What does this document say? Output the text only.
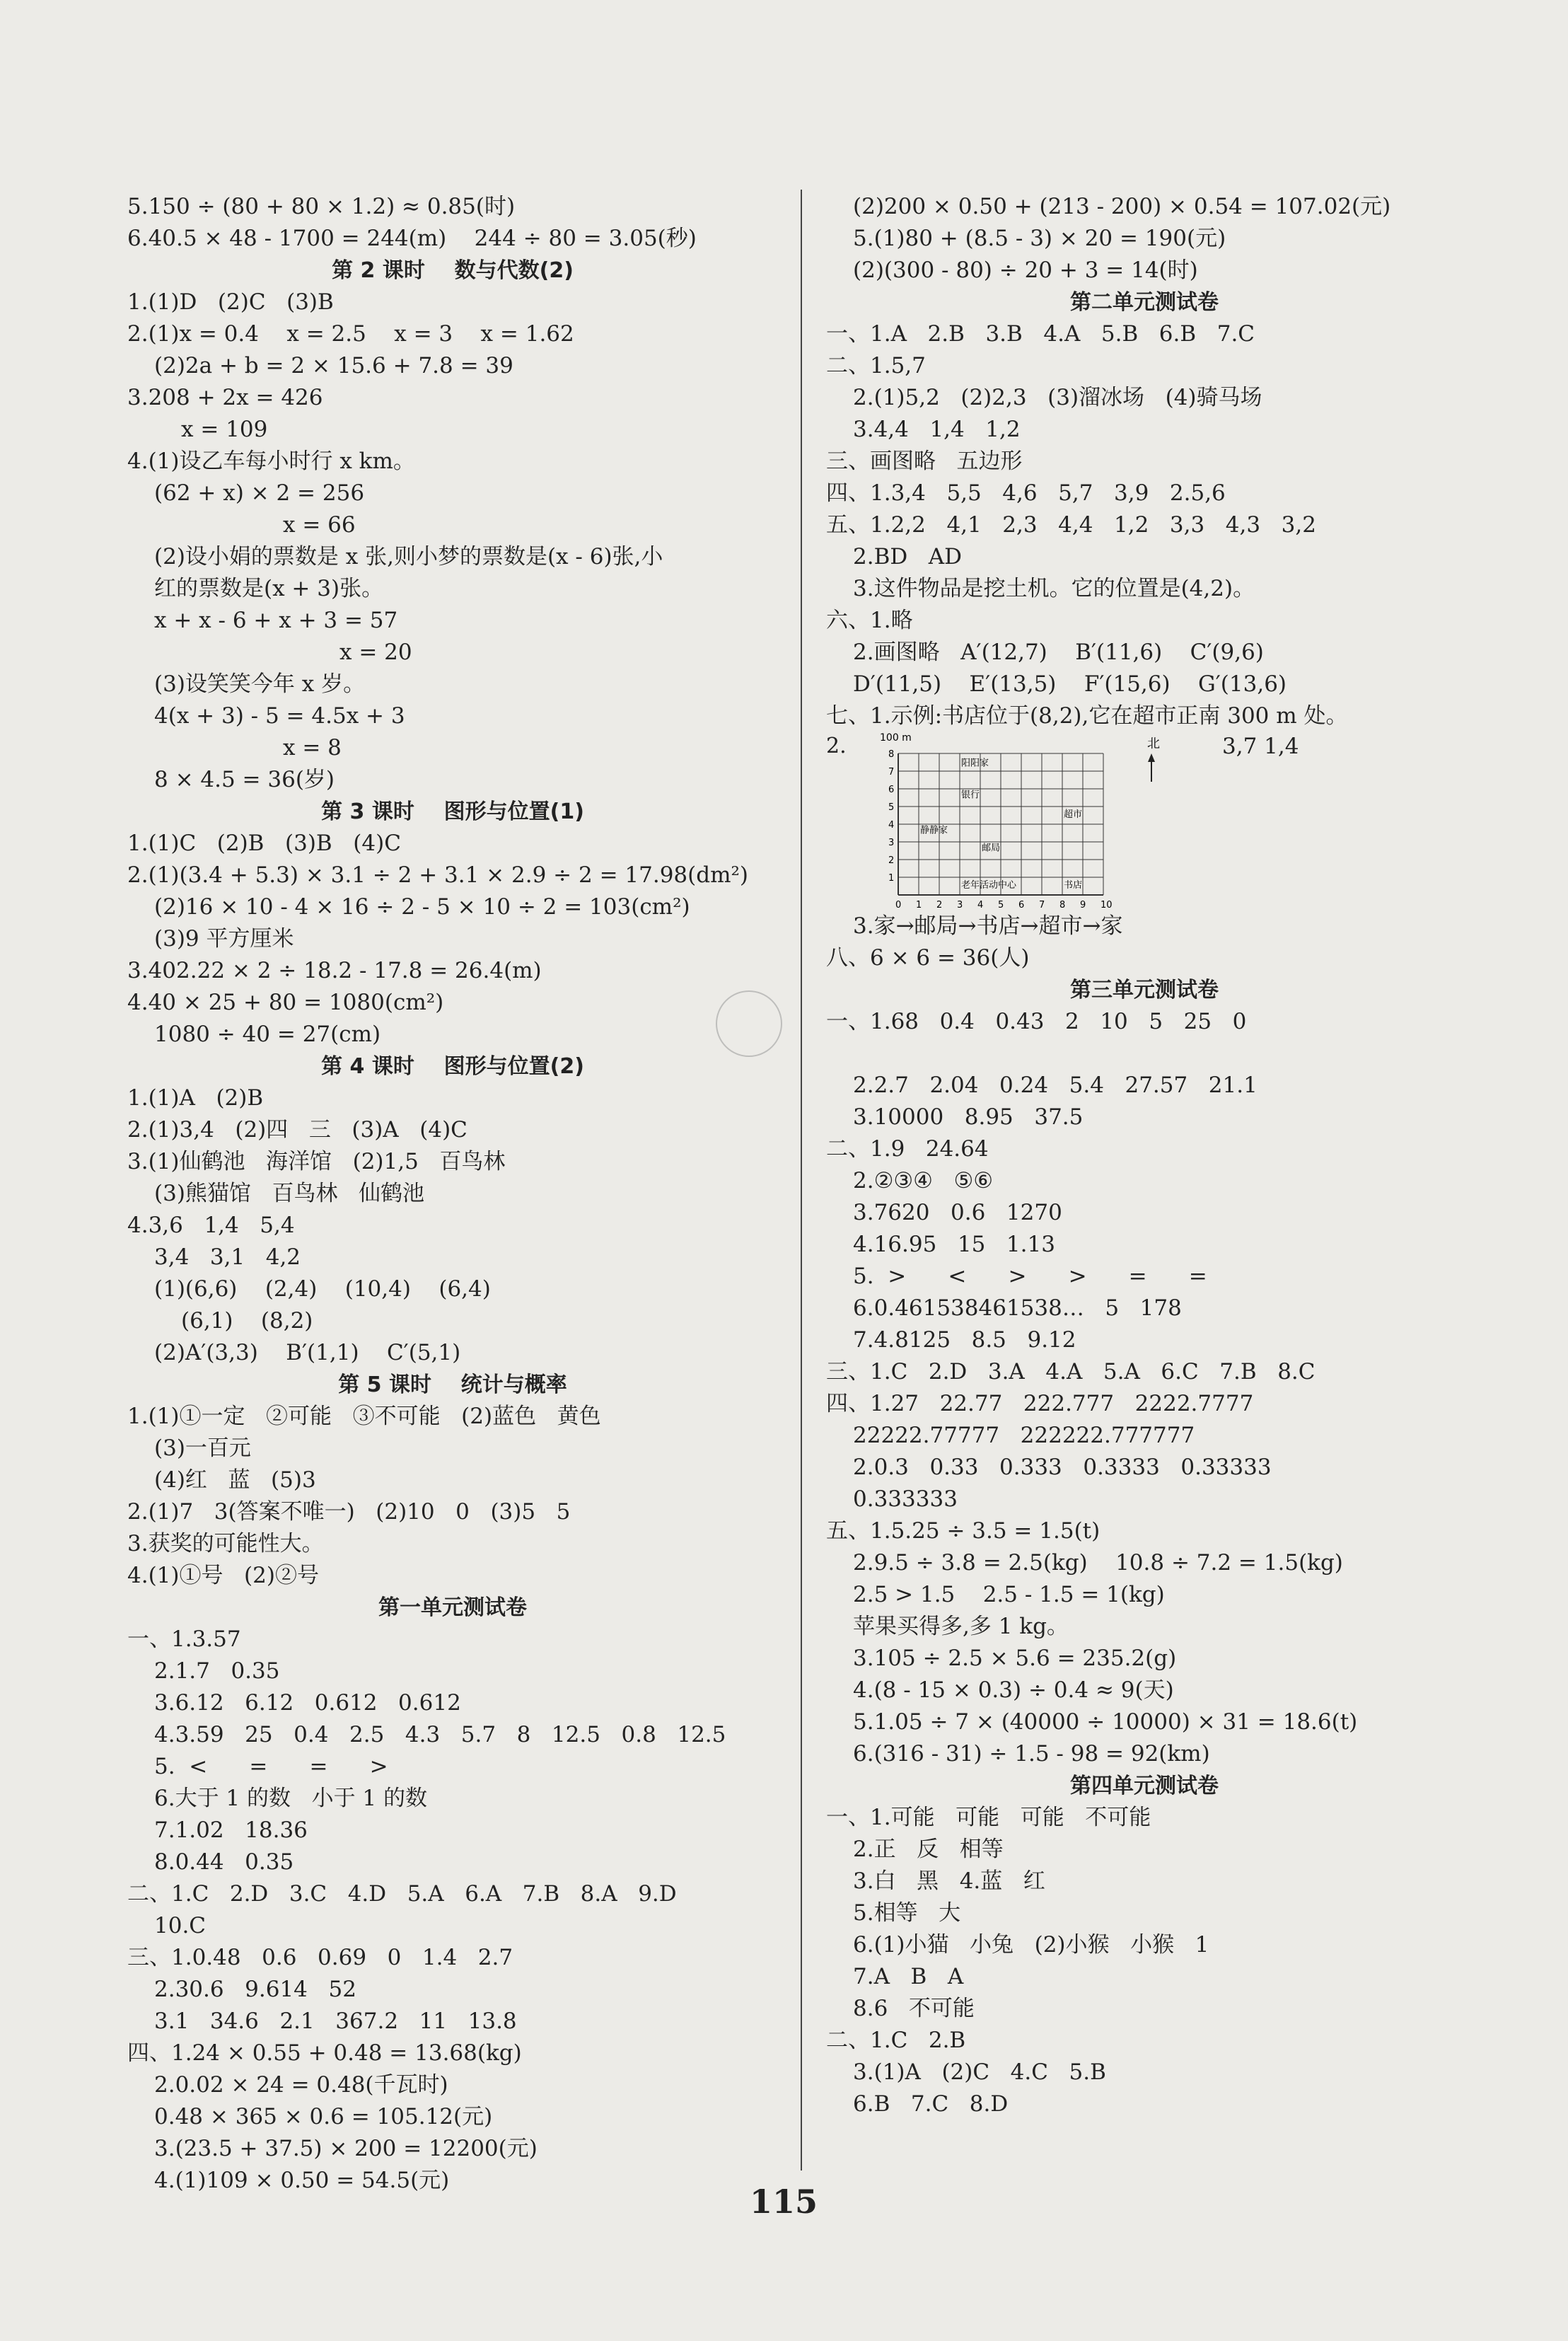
5.150 ÷ (80 + 80 × 1.2) ≈ 0.85(时)
6.40.5 × 48 - 1700 = 244(m)    244 ÷ 80 = 3.05(秒)
第 2 课时    数与代数(2)
1.(1)D   (2)C   (3)B
2.(1)x = 0.4    x = 2.5    x = 3    x = 1.62
(2)2a + b = 2 × 15.6 + 7.8 = 39
3.208 + 2x = 426
x = 109
4.(1)设乙车每小时行 x km。
(62 + x) × 2 = 256
x = 66
(2)设小娟的票数是 x 张,则小梦的票数是(x - 6)张,小
红的票数是(x + 3)张。
x + x - 6 + x + 3 = 57
x = 20
(3)设笑笑今年 x 岁。
4(x + 3) - 5 = 4.5x + 3
x = 8
8 × 4.5 = 36(岁)
第 3 课时    图形与位置(1)
1.(1)C   (2)B   (3)B   (4)C
2.(1)(3.4 + 5.3) × 3.1 ÷ 2 + 3.1 × 2.9 ÷ 2 = 17.98(dm²)
(2)16 × 10 - 4 × 16 ÷ 2 - 5 × 10 ÷ 2 = 103(cm²)
(3)9 平方厘米
3.402.22 × 2 ÷ 18.2 - 17.8 = 26.4(m)
4.40 × 25 + 80 = 1080(cm²)
1080 ÷ 40 = 27(cm)
第 4 课时    图形与位置(2)
1.(1)A   (2)B
2.(1)3,4   (2)四   三   (3)A   (4)C
3.(1)仙鹤池   海洋馆   (2)1,5   百鸟林
(3)熊猫馆   百鸟林   仙鹤池
4.3,6   1,4   5,4
3,4   3,1   4,2
(1)(6,6)    (2,4)    (10,4)    (6,4)
(6,1)    (8,2)
(2)A′(3,3)    B′(1,1)    C′(5,1)
第 5 课时    统计与概率
1.(1)①一定   ②可能   ③不可能   (2)蓝色   黄色
(3)一百元
(4)红   蓝   (5)3
2.(1)7   3(答案不唯一)   (2)10   0   (3)5   5
3.获奖的可能性大。
4.(1)①号   (2)②号
第一单元测试卷
一、1.3.57
2.1.7   0.35
3.6.12   6.12   0.612   0.612
4.3.59   25   0.4   2.5   4.3   5.7   8   12.5   0.8   12.5
5.  <      =      =      >
6.大于 1 的数   小于 1 的数
7.1.02   18.36
8.0.44   0.35
二、1.C   2.D   3.C   4.D   5.A   6.A   7.B   8.A   9.D
10.C
三、1.0.48   0.6   0.69   0   1.4   2.7
2.30.6   9.614   52
3.1   34.6   2.1   367.2   11   13.8
四、1.24 × 0.55 + 0.48 = 13.68(kg)
2.0.02 × 24 = 0.48(千瓦时)
0.48 × 365 × 0.6 = 105.12(元)
3.(23.5 + 37.5) × 200 = 12200(元)
4.(1)109 × 0.50 = 54.5(元)
(2)200 × 0.50 + (213 - 200) × 0.54 = 107.02(元)
5.(1)80 + (8.5 - 3) × 20 = 190(元)
(2)(300 - 80) ÷ 20 + 3 = 14(时)
第二单元测试卷
一、1.A   2.B   3.B   4.A   5.B   6.B   7.C
二、1.5,7
2.(1)5,2   (2)2,3   (3)溜冰场   (4)骑马场
3.4,4   1,4   1,2
三、画图略   五边形
四、1.3,4   5,5   4,6   5,7   3,9   2.5,6
五、1.2,2   4,1   2,3   4,4   1,2   3,3   4,3   3,2
2.BD   AD
3.这件物品是挖土机。它的位置是(4,2)。
六、1.略
2.画图略   A′(12,7)    B′(11,6)    C′(9,6)
D′(11,5)    E′(13,5)    F′(15,6)    G′(13,6)
七、1.示例:书店位于(8,2),它在超市正南 300 m 处。
2.
1
2
3
4
5
6
7
8
0 1 2 3 4 5 6 7 8 9 10
阳阳家
银行
超市
静静家
邮局
老年活动中心	书店
100 m	北	3,7 1,4
3.家→邮局→书店→超市→家
八、6 × 6 = 36(人)
第三单元测试卷
一、1.68   0.4   0.43   2   10   5   25   0
2.2.7   2.04   0.24   5.4   27.57   21.1
3.10000   8.95   37.5
二、1.9   24.64
2.②③④   ⑤⑥
3.7620   0.6   1270
4.16.95   15   1.13
5.  >      <      >      >      =      =
6.0.461538461538…   5   178
7.4.8125   8.5   9.12
三、1.C   2.D   3.A   4.A   5.A   6.C   7.B   8.C
四、1.27   22.77   222.777   2222.7777
22222.77777   222222.777777
2.0.3   0.33   0.333   0.3333   0.33333
0.333333
五、1.5.25 ÷ 3.5 = 1.5(t)
2.9.5 ÷ 3.8 = 2.5(kg)    10.8 ÷ 7.2 = 1.5(kg)
2.5 > 1.5    2.5 - 1.5 = 1(kg)
苹果买得多,多 1 kg。
3.105 ÷ 2.5 × 5.6 = 235.2(g)
4.(8 - 15 × 0.3) ÷ 0.4 ≈ 9(天)
5.1.05 ÷ 7 × (40000 ÷ 10000) × 31 = 18.6(t)
6.(316 - 31) ÷ 1.5 - 98 = 92(km)
第四单元测试卷
一、1.可能   可能   可能   不可能
2.正   反   相等
3.白   黑   4.蓝   红
5.相等   大
6.(1)小猫   小兔   (2)小猴   小猴   1
7.A   B   A
8.6   不可能
二、1.C   2.B
3.(1)A   (2)C   4.C   5.B
6.B   7.C   8.D
115
